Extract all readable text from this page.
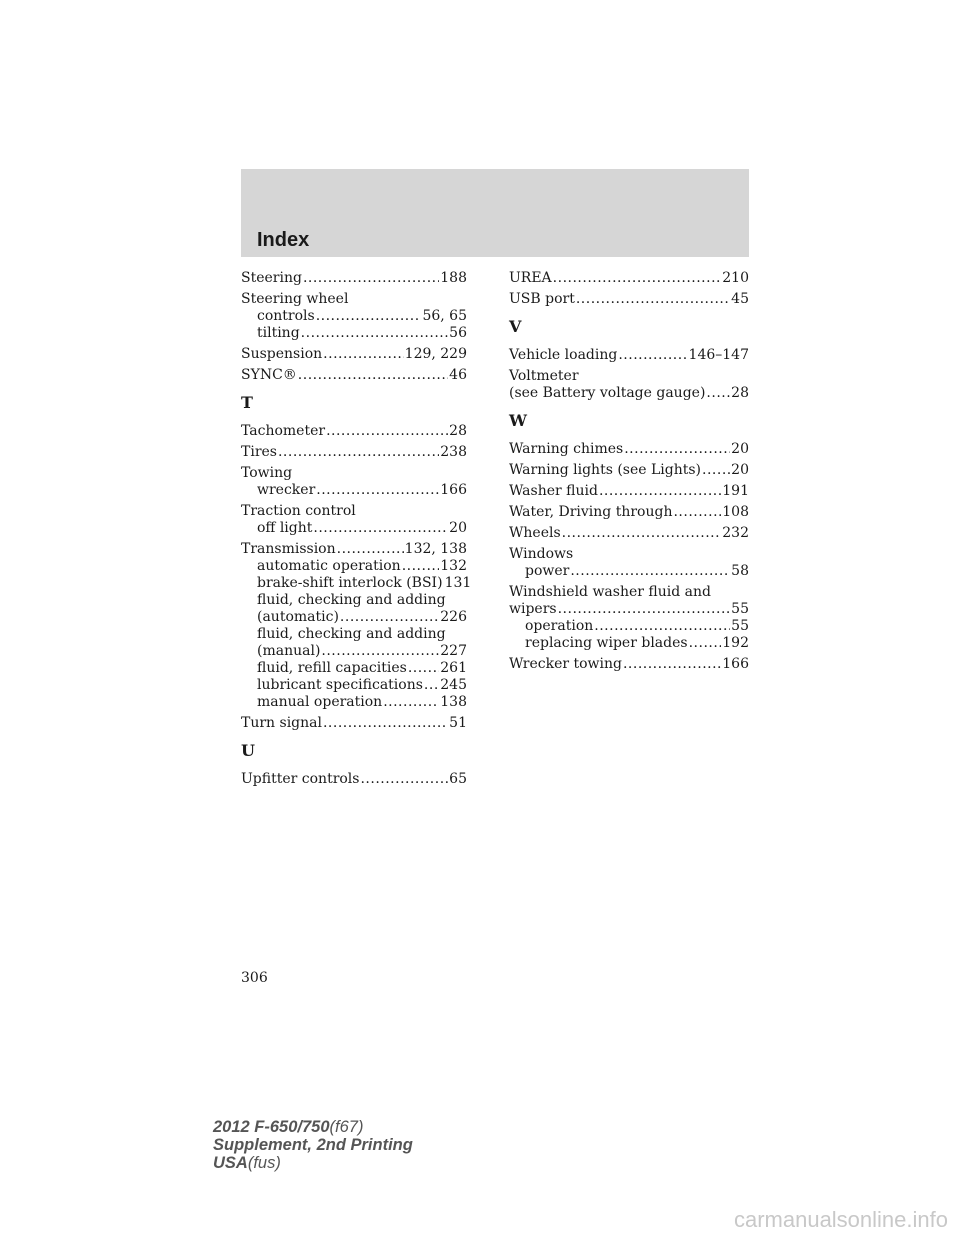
Index
Steering .....	188
Steering wheel
controls .....	56, 65
tilting .....	56
Suspension .....	129, 229
SYNC® .....	46
T
Tachometer .....	28
Tires .....	238
Towing
wrecker .....	166
Traction control
off light .....	20
Transmission .....	132, 138
automatic operation .....	132
brake-shift interlock (BSI) 131
fluid, checking and adding
(automatic) .....	226
fluid, checking and adding
(manual) .....	227
fluid, refill capacities ..... 261
lubricant specifications ..... 245
manual operation .....	138
Turn signal .....	51
U
Upfitter controls .....	65
UREA .....	210
USB port .....	45
V
Vehicle loading .....	146–147
Voltmeter
(see Battery voltage gauge) ..... 28
W
Warning chimes .....	20
Warning lights (see Lights) ..... 20
Washer fluid .....	191
Water, Driving through .....	108
Wheels .....	232
Windows
power .....	58
Windshield washer fluid and
wipers .....	55
operation .....	55
replacing wiper blades ..... 192
Wrecker towing .....	166
306
2012 F-650/750(f67)
Supplement, 2nd Printing
USA(fus)
carmanualsonline.info
